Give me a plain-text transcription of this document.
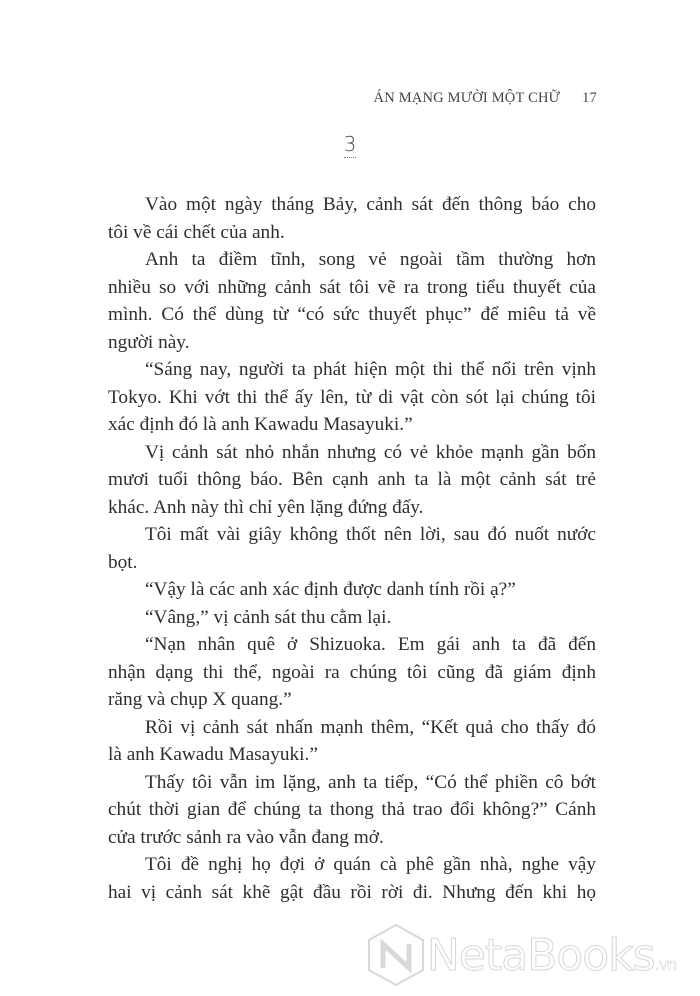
ÁN MẠNG MƯỜI MỘT CHỮ 17
3
Vào một ngày tháng Bảy, cảnh sát đến thông báo cho
tôi về cái chết của anh.
Anh ta điềm tĩnh, song vẻ ngoài tầm thường hơn
nhiều so với những cảnh sát tôi vẽ ra trong tiểu thuyết của
mình. Có thể dùng từ “có sức thuyết phục” để miêu tả về
người này.
“Sáng nay, người ta phát hiện một thi thể nổi trên vịnh
Tokyo. Khi vớt thi thể ấy lên, từ di vật còn sót lại chúng tôi
xác định đó là anh Kawadu Masayuki.”
Vị cảnh sát nhỏ nhắn nhưng có vẻ khỏe mạnh gần bốn
mươi tuổi thông báo. Bên cạnh anh ta là một cảnh sát trẻ
khác. Anh này thì chỉ yên lặng đứng đấy.
Tôi mất vài giây không thốt nên lời, sau đó nuốt nước
bọt.
“Vậy là các anh xác định được danh tính rồi ạ?”
“Vâng,” vị cảnh sát thu cằm lại.
“Nạn nhân quê ở Shizuoka. Em gái anh ta đã đến
nhận dạng thi thể, ngoài ra chúng tôi cũng đã giám định
răng và chụp X quang.”
Rồi vị cảnh sát nhấn mạnh thêm, “Kết quả cho thấy đó
là anh Kawadu Masayuki.”
Thấy tôi vẫn im lặng, anh ta tiếp, “Có thể phiền cô bớt
chút thời gian để chúng ta thong thả trao đổi không?” Cánh
cửa trước sảnh ra vào vẫn đang mở.
Tôi đề nghị họ đợi ở quán cà phê gần nhà, nghe vậy
hai vị cảnh sát khẽ gật đầu rồi rời đi. Nhưng đến khi họ
NetaBooks.vn
